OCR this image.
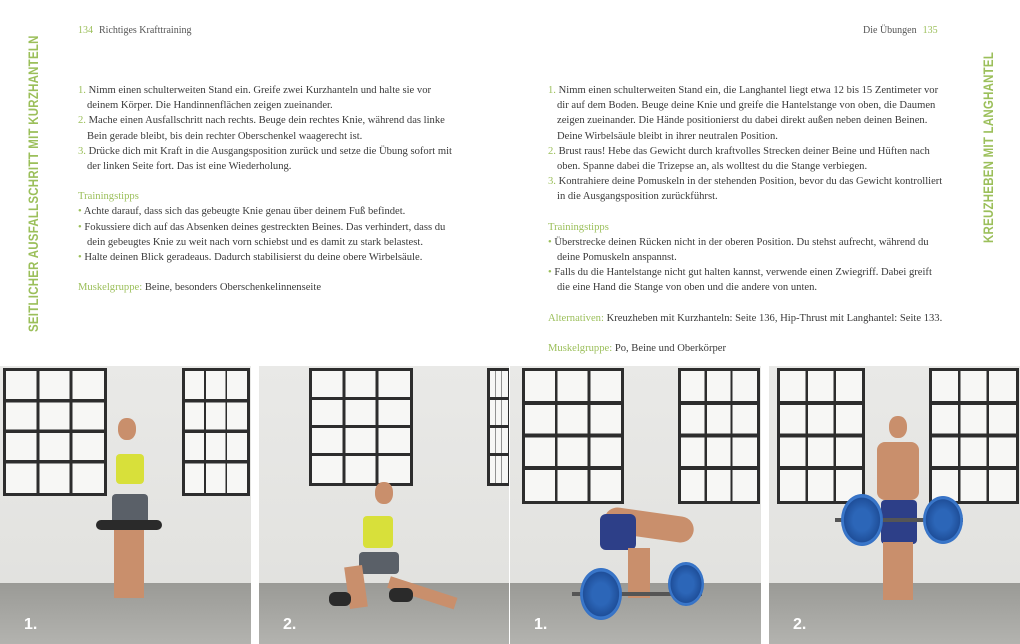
134 Richtiges Krafttraining	Die Übungen 135
SEITLICHER AUSFALLSCHRITT MIT KURZHANTELN	KREUZHEBEN MIT LANGHANTEL
1. Nimm einen schulterweiten Stand ein. Greife zwei Kurzhanteln und halte sie vor deinem Körper. Die Handinnenflächen zeigen zueinander.
2. Mache einen Ausfallschritt nach rechts. Beuge dein rechtes Knie, während das linke Bein gerade bleibt, bis dein rechter Oberschenkel waagerecht ist.
3. Drücke dich mit Kraft in die Ausgangsposition zurück und setze die Übung sofort mit der linken Seite fort. Das ist eine Wiederholung.
Trainingstipps
• Achte darauf, dass sich das gebeugte Knie genau über deinem Fuß befindet.
• Fokussiere dich auf das Absenken deines gestreckten Beines. Das verhindert, dass du dein gebeugtes Knie zu weit nach vorn schiebst und es damit zu stark belastest.
• Halte deinen Blick geradeaus. Dadurch stabilisierst du deine obere Wirbelsäule.
Muskelgruppe: Beine, besonders Oberschenkelinnenseite
1. Nimm einen schulterweiten Stand ein, die Langhantel liegt etwa 12 bis 15 Zentimeter vor dir auf dem Boden. Beuge deine Knie und greife die Hantelstange von oben, die Daumen zeigen zueinander. Die Hände positionierst du dabei direkt außen neben deinen Beinen. Deine Wirbelsäule bleibt in ihrer neutralen Position.
2. Brust raus! Hebe das Gewicht durch kraftvolles Strecken deiner Beine und Hüften nach oben. Spanne dabei die Trizepse an, als wolltest du die Stange verbiegen.
3. Kontrahiere deine Pomuskeln in der stehenden Position, bevor du das Gewicht kontrolliert in die Ausgangsposition zurückführst.
Trainingstipps
• Überstrecke deinen Rücken nicht in der oberen Position. Du stehst aufrecht, während du deine Pomuskeln anspannst.
• Falls du die Hantelstange nicht gut halten kannst, verwende einen Zwiegriff. Dabei greift die eine Hand die Stange von oben und die andere von unten.
Alternativen: Kreuzheben mit Kurzhanteln: Seite 136, Hip-Thrust mit Langhantel: Seite 133.
Muskelgruppe: Po, Beine und Oberkörper
1.	2.	1.	2.
